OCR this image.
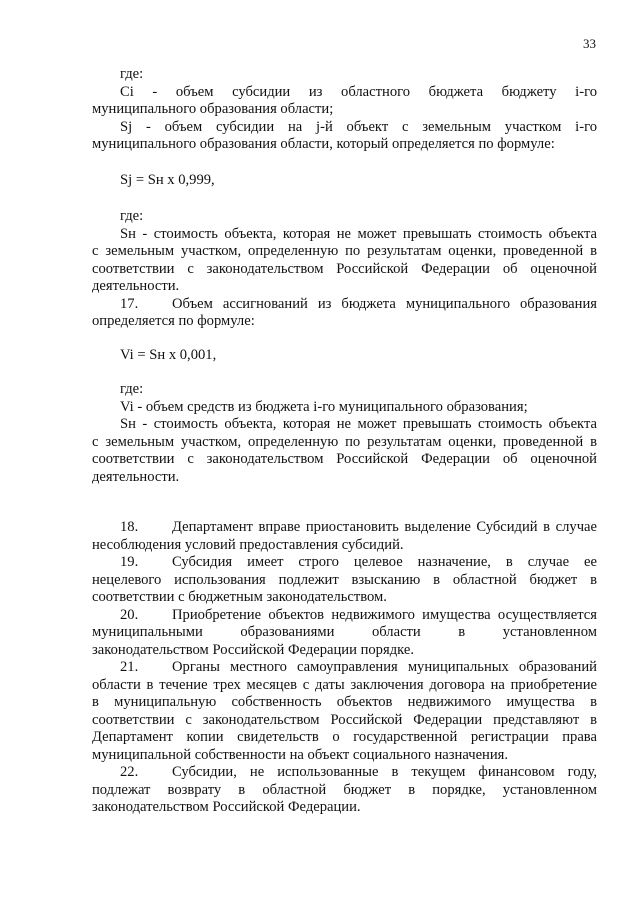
33
где:
Ci - объем субсидии из областного бюджета бюджету i-го
муниципального образования области;
Sj - объем субсидии на j-й объект с земельным участком i-го
муниципального образования области, который определяется по формуле:
Sj = Sн х 0,999,
где:
Sн - стоимость объекта, которая не может превышать стоимость объекта
с земельным участком, определенную по результатам оценки, проведенной в
соответствии с законодательством Российской Федерации об оценочной
деятельности.
17. Объем ассигнований из бюджета муниципального образования
определяется по формуле:
Vi = Sн х 0,001,
где:
Vi - объем средств из бюджета i-го муниципального образования;
Sн - стоимость объекта, которая не может превышать стоимость объекта
с земельным участком, определенную по результатам оценки, проведенной в
соответствии с законодательством Российской Федерации об оценочной
деятельности.
18. Департамент вправе приостановить выделение Субсидий в случае
несоблюдения условий предоставления субсидий.
19. Субсидия имеет строго целевое назначение, в случае ее
нецелевого использования подлежит взысканию в областной бюджет в
соответствии с бюджетным законодательством.
20. Приобретение объектов недвижимого имущества осуществляется
муниципальными образованиями области в установленном
законодательством Российской Федерации порядке.
21. Органы местного самоуправления муниципальных образований
области в течение трех месяцев с даты заключения договора на приобретение
в муниципальную собственность объектов недвижимого имущества в
соответствии с законодательством Российской Федерации представляют в
Департамент копии свидетельств о государственной регистрации права
муниципальной собственности на объект социального назначения.
22. Субсидии, не использованные в текущем финансовом году,
подлежат возврату в областной бюджет в порядке, установленном
законодательством Российской Федерации.
